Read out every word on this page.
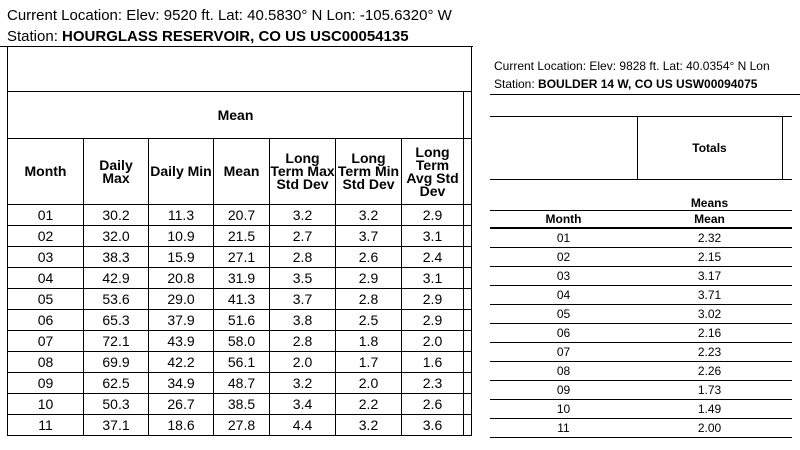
Current Location: Elev: 9520 ft. Lat: 40.5830° N Lon: -105.6320° W
Station: HOURGLASS RESERVOIR, CO US USC00054135
Current Location: Elev: 9828 ft. Lat: 40.0354° N Lon
Station: BOULDER 14 W, CO US USW00094075

Mean							
Month	Daily Max	Daily Min	Mean	Long Term Max Std Dev	Long Term Min Std Dev	Long Term Avg Std Dev	
01	30.2	11.3	20.7	3.2	3.2	2.9	
02	32.0	10.9	21.5	2.7	3.7	3.1	
03	38.3	15.9	27.1	2.8	2.6	2.4	
04	42.9	20.8	31.9	3.5	2.9	3.1	
05	53.6	29.0	41.3	3.7	2.8	2.9	
06	65.3	37.9	51.6	3.8	2.5	2.9	
07	72.1	43.9	58.0	2.8	1.8	2.0	
08	69.9	42.2	56.1	2.0	1.7	1.6	
09	62.5	34.9	48.7	3.2	2.0	2.3	
10	50.3	26.7	38.5	3.4	2.2	2.6	
11	37.1	18.6	27.8	4.4	3.2	3.6	
	Totals	
	Means	
Month	Mean	
01	2.32	
02	2.15	
03	3.17	
04	3.71	
05	3.02	
06	2.16	
07	2.23	
08	2.26	
09	1.73	
10	1.49	
11	2.00	
